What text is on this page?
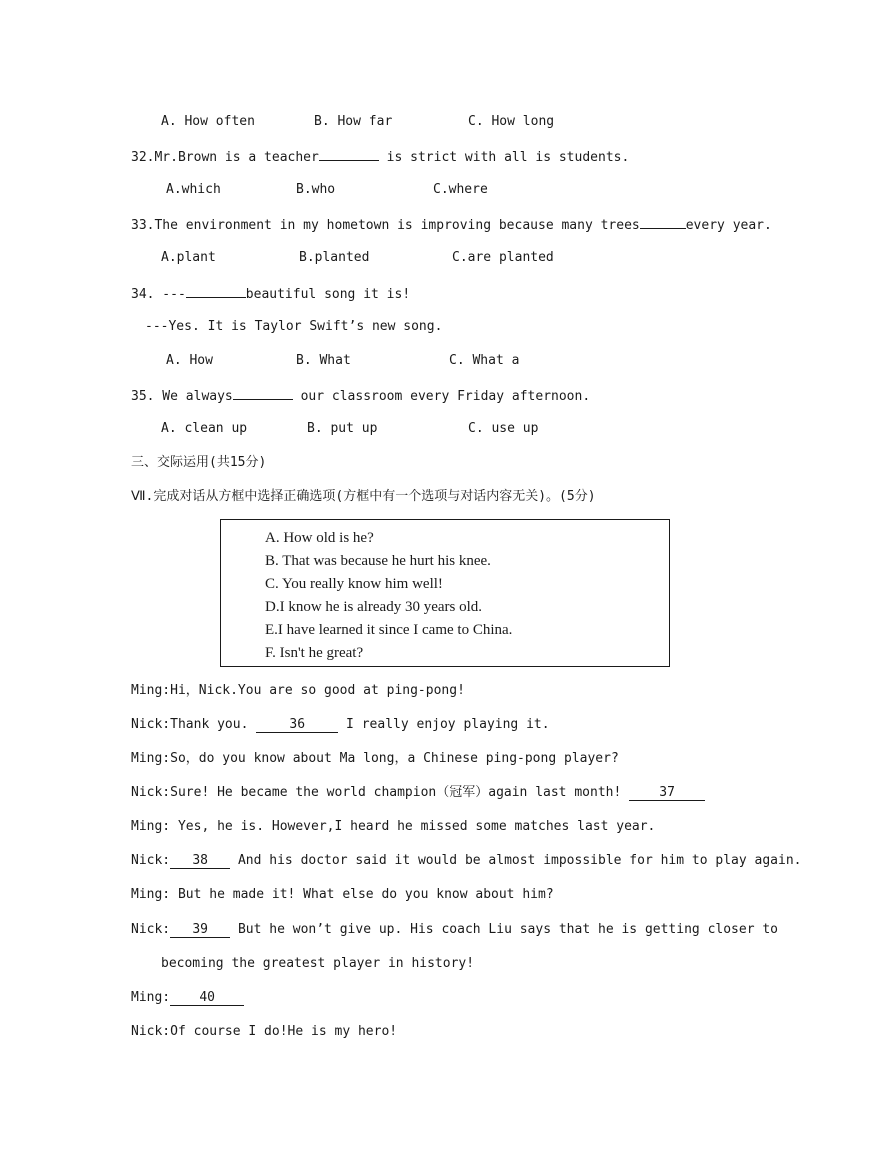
A. How often	B. How far	C. How long
32.Mr.Brown is a teacher	is strict with all is students.
A.which	B.who	C.where
33.The environment in my hometown is improving because many trees	every year.
A.plant	B.planted	C.are planted
34. ---	beautiful song it is!
---Yes. It is Taylor Swift’s new song.
A. How	B. What	C. What a
35. We always	our classroom every Friday afternoon.
A. clean up	B. put up	C. use up
三、交际运用(共15分)
Ⅶ.完成对话从方框中选择正确选项(方框中有一个选项与对话内容无关)。(5分)
A. How old is he?
B. That was because he hurt his knee.
C. You really know him well!
D.I know he is already 30 years old.
E.I have learned it since I came to China.
F. Isn't he great?
Ming:Hi，Nick.You are so good at ping-pong!
Nick:Thank you.	36	I really enjoy playing it.
Ming:So，do you know about Ma long，a Chinese ping-pong player?
Nick:Sure! He became the world champion（冠军）again last month! 37
Ming: Yes, he is. However,I heard he missed some matches last year.
Nick: 38 And his doctor said it would be almost impossible for him to play again.
Ming: But he made it! What else do you know about him?
Nick: 39 But he won’t give up. His coach Liu says that he is getting closer to
becoming the greatest player in history!
Ming: 40
Nick:Of course I do!He is my hero!
